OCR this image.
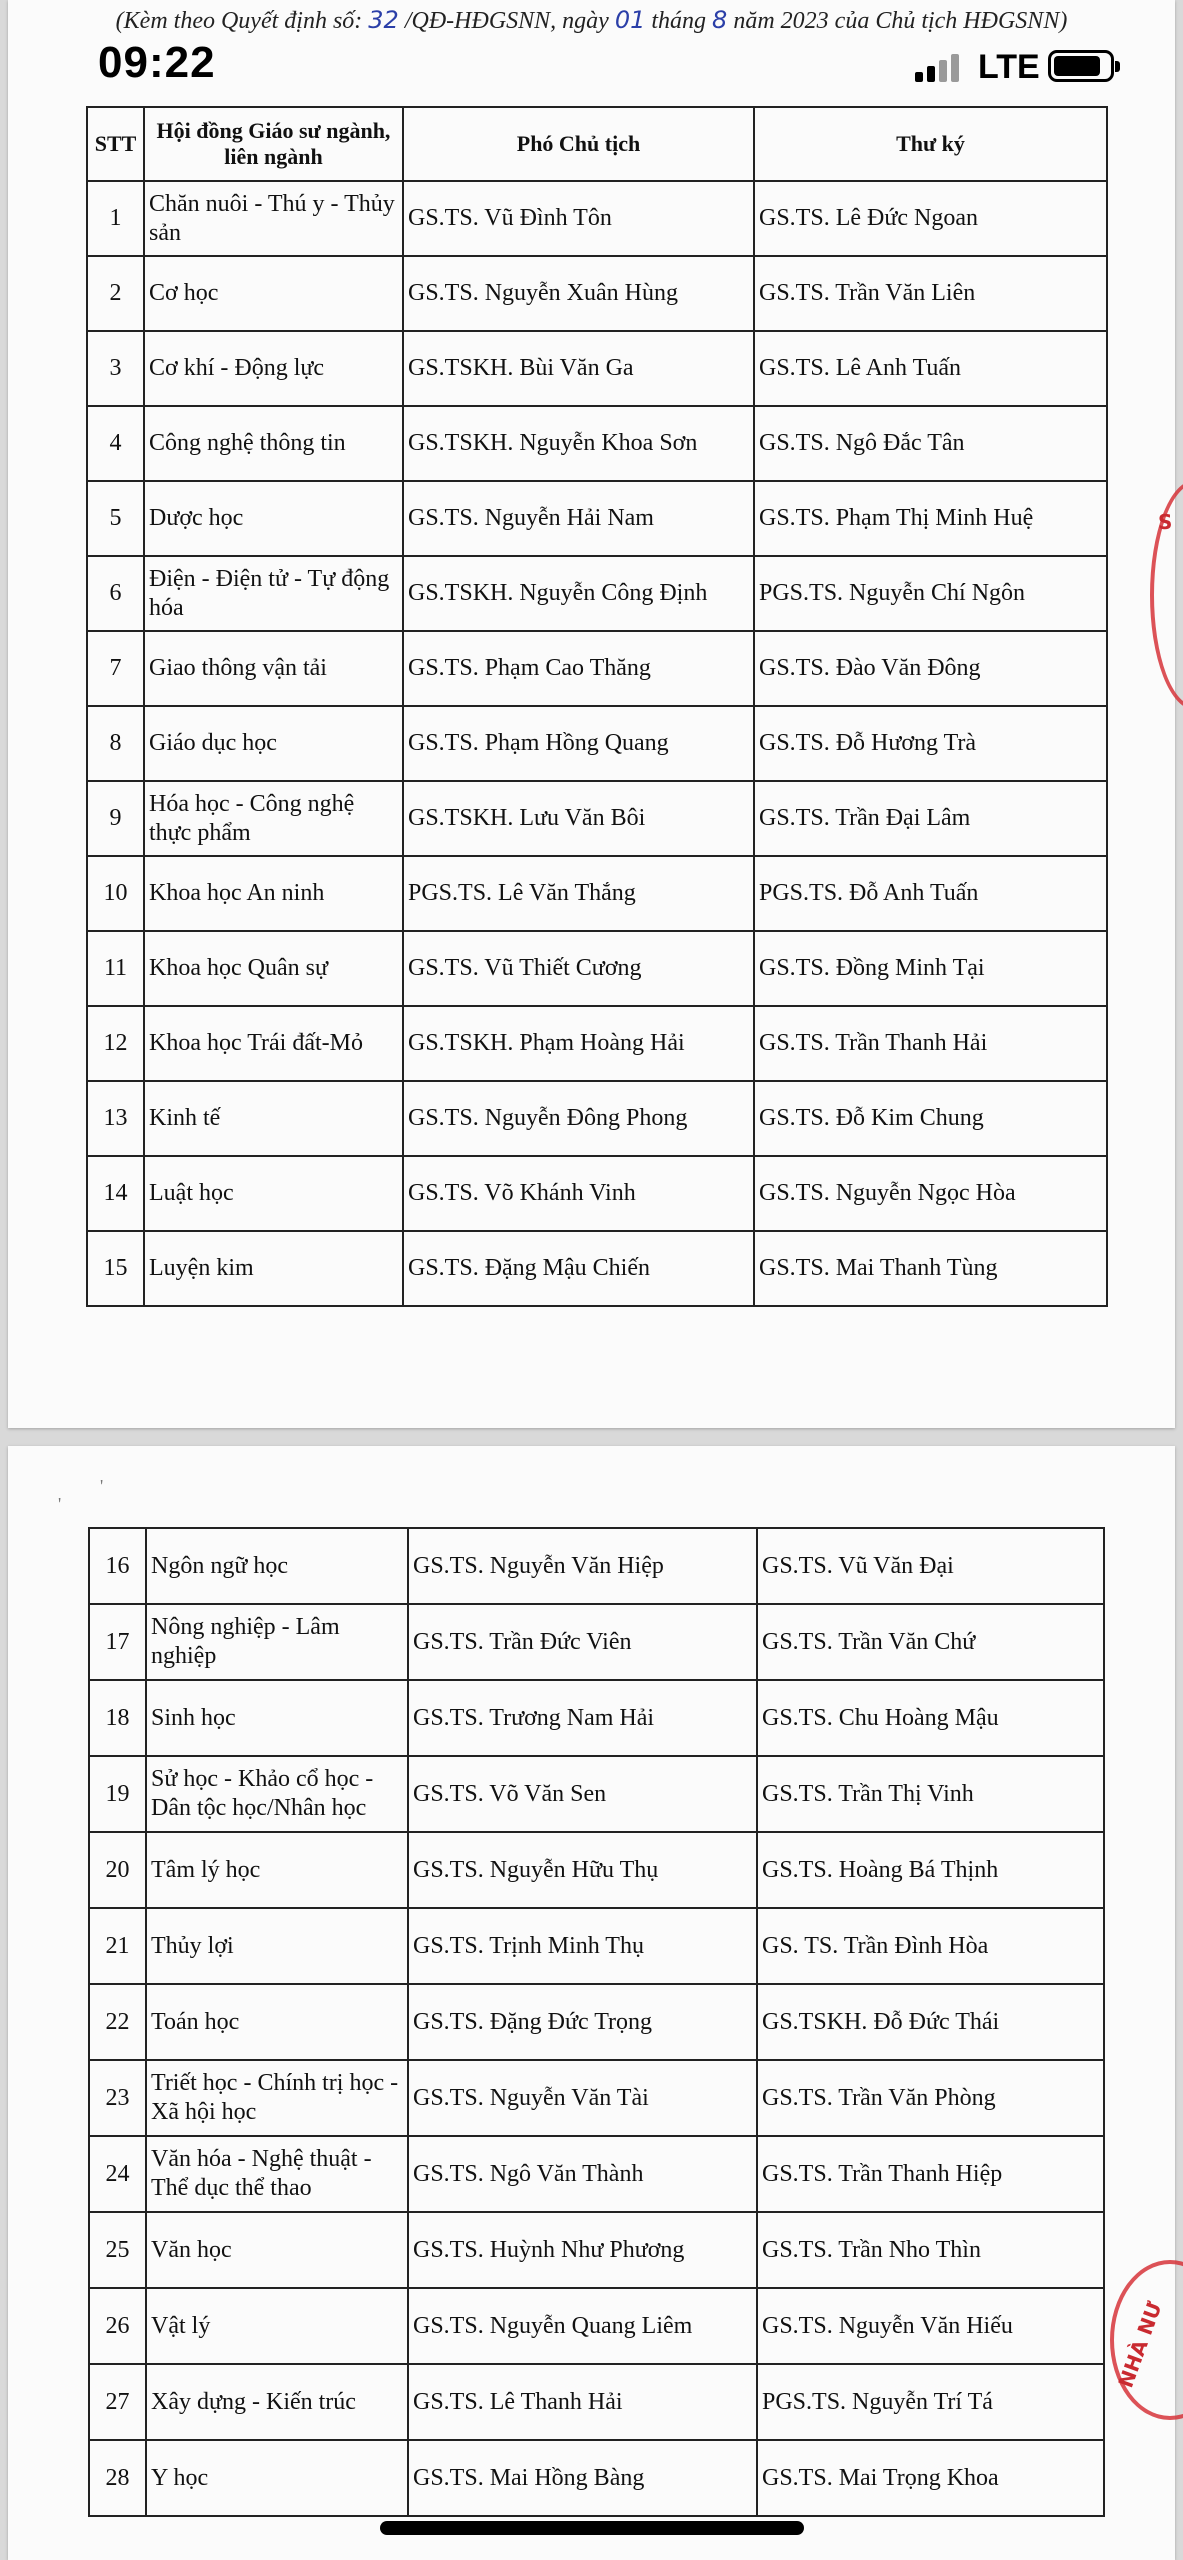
(Kèm theo Quyết định số: 32 /QĐ-HĐGSNN, ngày 01 tháng 8 năm 2023 của Chủ tịch HĐGSNN)
'
'
09:22	LTE
STT	Hội đồng Giáo sư ngành, liên ngành	Phó Chủ tịch	Thư ký
1	Chăn nuôi - Thú y - Thủy sản	GS.TS. Vũ Đình Tôn	GS.TS. Lê Đức Ngoan
2	Cơ học	GS.TS. Nguyễn Xuân Hùng	GS.TS. Trần Văn Liên
3	Cơ khí - Động lực	GS.TSKH. Bùi Văn Ga	GS.TS. Lê Anh Tuấn
4	Công nghệ thông tin	GS.TSKH. Nguyễn Khoa Sơn	GS.TS. Ngô Đắc Tân
5	Dược học	GS.TS. Nguyễn Hải Nam	GS.TS. Phạm Thị Minh Huệ
6	Điện - Điện tử - Tự động hóa	GS.TSKH. Nguyễn Công Định	PGS.TS. Nguyễn Chí Ngôn
7	Giao thông vận tải	GS.TS. Phạm Cao Thăng	GS.TS. Đào Văn Đông
8	Giáo dục học	GS.TS. Phạm Hồng Quang	GS.TS. Đỗ Hương Trà
9	Hóa học - Công nghệ thực phẩm	GS.TSKH. Lưu Văn Bôi	GS.TS. Trần Đại Lâm
10	Khoa học An ninh	PGS.TS. Lê Văn Thắng	PGS.TS. Đỗ Anh Tuấn
11	Khoa học Quân sự	GS.TS. Vũ Thiết Cương	GS.TS. Đồng Minh Tại
12	Khoa học Trái đất-Mỏ	GS.TSKH. Phạm Hoàng Hải	GS.TS. Trần Thanh Hải
13	Kinh tế	GS.TS. Nguyễn Đông Phong	GS.TS. Đỗ Kim Chung
14	Luật học	GS.TS. Võ Khánh Vinh	GS.TS. Nguyễn Ngọc Hòa
15	Luyện kim	GS.TS. Đặng Mậu Chiến	GS.TS. Mai Thanh Tùng
16	Ngôn ngữ học	GS.TS. Nguyễn Văn Hiệp	GS.TS. Vũ Văn Đại
17	Nông nghiệp - Lâm nghiệp	GS.TS. Trần Đức Viên	GS.TS. Trần Văn Chứ
18	Sinh học	GS.TS. Trương Nam Hải	GS.TS. Chu Hoàng Mậu
19	Sử học - Khảo cổ học - Dân tộc học/Nhân học	GS.TS. Võ Văn Sen	GS.TS. Trần Thị Vinh
20	Tâm lý học	GS.TS. Nguyễn Hữu Thụ	GS.TS. Hoàng Bá Thịnh
21	Thủy lợi	GS.TS. Trịnh Minh Thụ	GS. TS. Trần Đình Hòa
22	Toán học	GS.TS. Đặng Đức Trọng	GS.TSKH. Đỗ Đức Thái
23	Triết học - Chính trị học - Xã hội học	GS.TS. Nguyễn Văn Tài	GS.TS. Trần Văn Phòng
24	Văn hóa - Nghệ thuật - Thể dục thể thao	GS.TS. Ngô Văn Thành	GS.TS. Trần Thanh Hiệp
25	Văn học	GS.TS. Huỳnh Như Phương	GS.TS. Trần Nho Thìn
26	Vật lý	GS.TS. Nguyễn Quang Liêm	GS.TS. Nguyễn Văn Hiếu
27	Xây dựng - Kiến trúc	GS.TS. Lê Thanh Hải	PGS.TS. Nguyễn Trí Tá
28	Y học	GS.TS. Mai Hồng Bàng	GS.TS. Mai Trọng Khoa
S
NHÀ NƯ
